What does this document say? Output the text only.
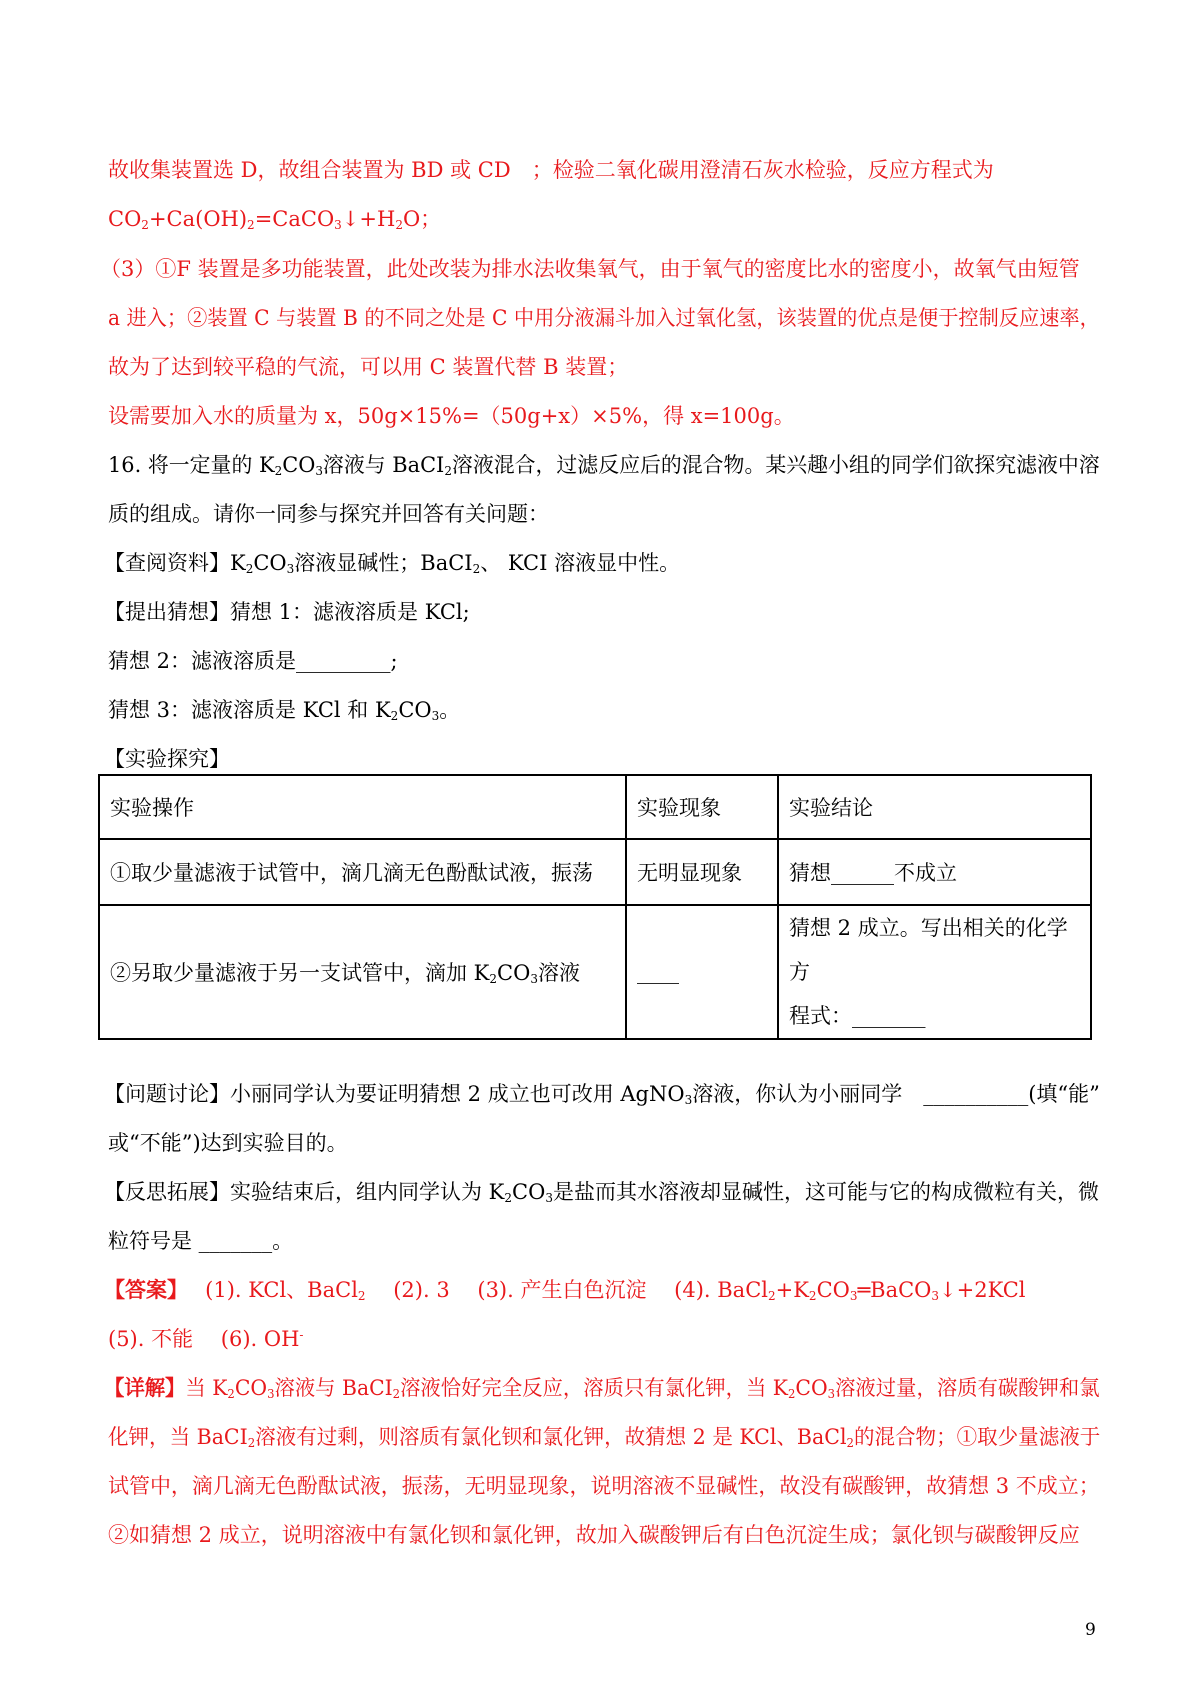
故收集装置选 D，故组合装置为 BD 或 CD　；检验二氧化碳用澄清石灰水检验，反应方程式为
$CO_2+Ca(OH)_2=CaCO_3↓+H_2O$；
（3）①F 装置是多功能装置，此处改装为排水法收集氧气，由于氧气的密度比水的密度小，故氧气由短管
a 进入；②装置 C 与装置 B 的不同之处是 C 中用分液漏斗加入过氧化氢，该装置的优点是便于控制反应速率，
故为了达到较平稳的气流，可以用 C 装置代替 B 装置；
设需要加入水的质量为 x，50g×15%=（50g+x）×5%，得 x=100g。
16. 将一定量的 $K_2CO_3$溶液与 BaCI$_2$溶液混合，过滤反应后的混合物。某兴趣小组的同学们欲探究滤液中溶
质的组成。请你一同参与探究并回答有关问题：
【查阅资料】$K_2CO_3$溶液显碱性；BaCI$_2$、 KCI 溶液显中性。
【提出猜想】猜想 1：滤液溶质是 KCl;
猜想 2：滤液溶质是_________;
猜想 3：滤液溶质是 KCl 和 $K_2CO_3$。
【实验探究】
实验操作	实验现象	实验结论
①取少量滤液于试管中，滴几滴无色酚酞试液，振荡	无明显现象	猜想______不成立
②另取少量滤液于另一支试管中，滴加 $K_2CO_3$溶液	____	猜想 2 成立。写出相关的化学方
程式：_______
【问题讨论】小丽同学认为要证明猜想 2 成立也可改用 AgNO$_3$溶液，你认为小丽同学　__________(填“能”
或“不能”)达到实验目的。
【反思拓展】实验结束后，组内同学认为 $K_2CO_3$是盐而其水溶液却显碱性，这可能与它的构成微粒有关，微
粒符号是 _______。
【答案】　 (1). KCl、BaCl$_2$　 (2). 3　 (3). 产生白色沉淀　 (4). $BaCl_2+K_2CO_3═BaCO_3↓+2KCl$
(5). 不能　 (6). OH-
【详解】当 $K_2CO_3$溶液与 BaCI$_2$溶液恰好完全反应，溶质只有氯化钾，当 $K_2CO_3$溶液过量，溶质有碳酸钾和氯
化钾，当 BaCI$_2$溶液有过剩，则溶质有氯化钡和氯化钾，故猜想 2 是 KCl、BaCl$_2$的混合物；①取少量滤液于
试管中，滴几滴无色酚酞试液，振荡，无明显现象，说明溶液不显碱性，故没有碳酸钾，故猜想 3 不成立；
②如猜想 2 成立，说明溶液中有氯化钡和氯化钾，故加入碳酸钾后有白色沉淀生成；氯化钡与碳酸钾反应
9
